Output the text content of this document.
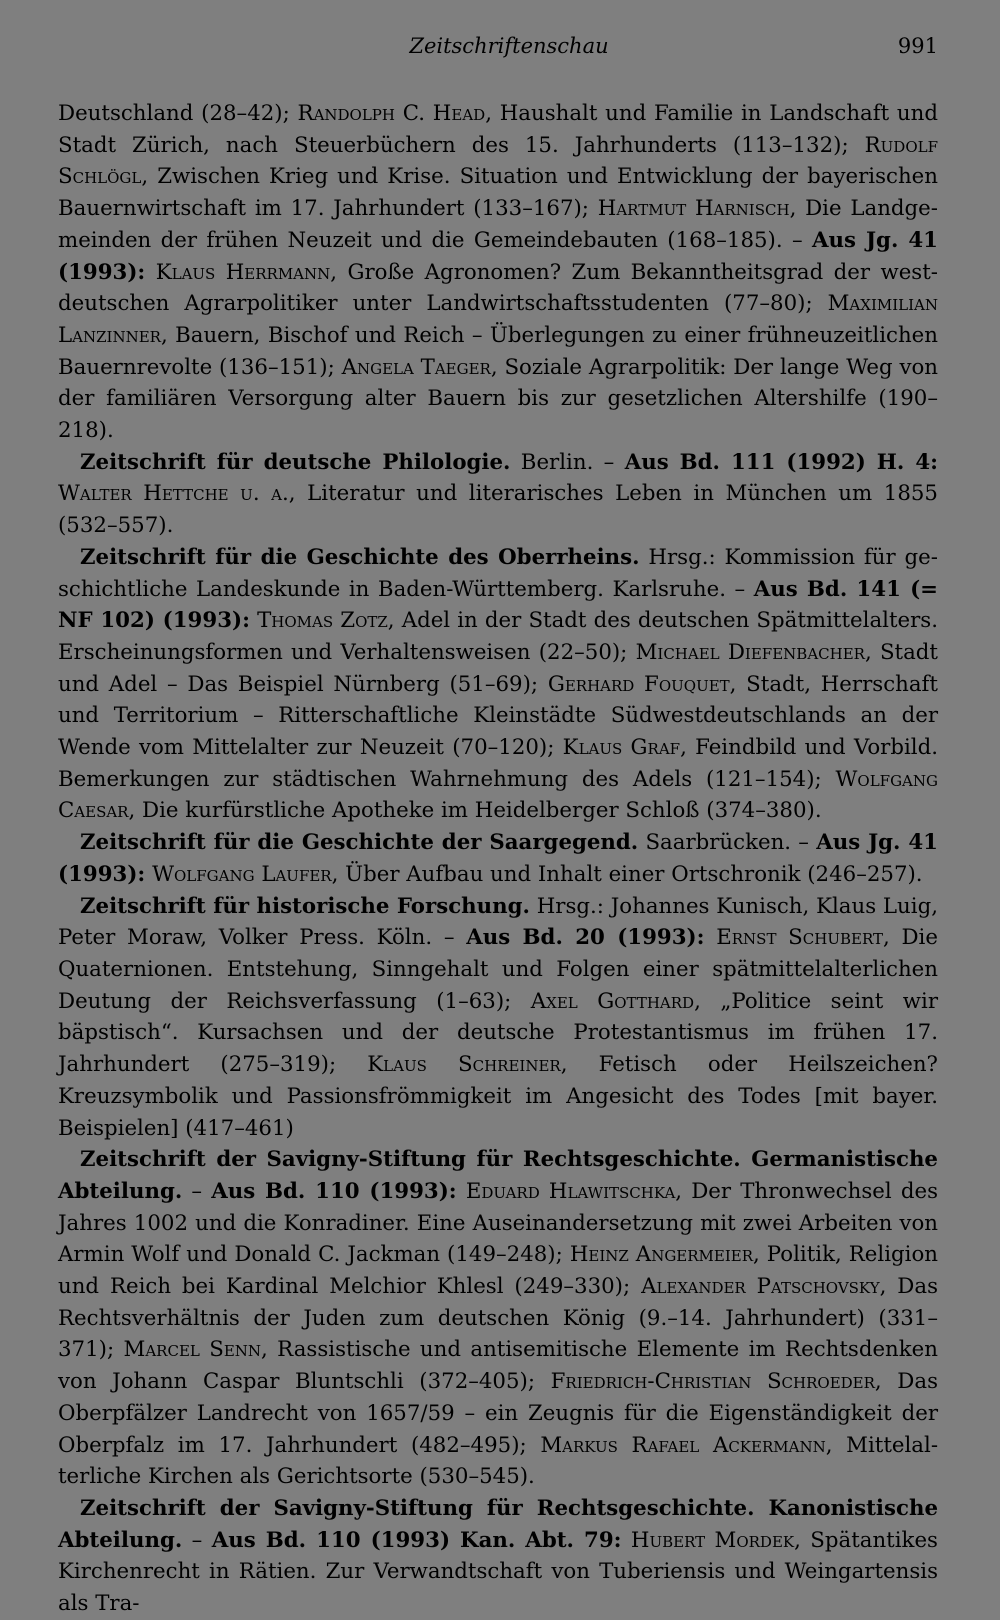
Zeitschriftenschau	991

Deutschland (28–42); Randolph C. Head, Haushalt und Familie in Landschaft und Stadt Zürich, nach Steuerbüchern des 15. Jahrhunderts (113–132); Rudolf Schlögl, Zwischen Krieg und Krise. Situation und Entwicklung der bayerischen Bauernwirtschaft im 17. Jahrhundert (133–167); Hartmut Harnisch, Die Landgemeinden der frühen Neuzeit und die Gemeindebauten (168–185). – Aus Jg. 41 (1993): Klaus Herrmann, Große Agronomen? Zum Bekanntheitsgrad der westdeutschen Agrarpolitiker unter Landwirtschaftsstudenten (77–80); Maximilian Lanzinner, Bauern, Bischof und Reich – Überlegungen zu einer frühneuzeitlichen Bauernrevolte (136–151); Angela Taeger, Soziale Agrarpolitik: Der lange Weg von der familiären Versorgung alter Bauern bis zur gesetzlichen Altershilfe (190–218).

Zeitschrift für deutsche Philologie. Berlin. – Aus Bd. 111 (1992) H. 4: Walter Hettche u. a., Literatur und literarisches Leben in München um 1855 (532–557).

Zeitschrift für die Geschichte des Oberrheins. Hrsg.: Kommission für geschichtliche Landeskunde in Baden-Württemberg. Karlsruhe. – Aus Bd. 141 (= NF 102) (1993): Thomas Zotz, Adel in der Stadt des deutschen Spätmittelalters. Erscheinungsformen und Verhaltensweisen (22–50); Michael Diefenbacher, Stadt und Adel – Das Beispiel Nürnberg (51–69); Gerhard Fouquet, Stadt, Herrschaft und Territorium – Ritterschaftliche Kleinstädte Südwestdeutschlands an der Wende vom Mittelalter zur Neuzeit (70–120); Klaus Graf, Feindbild und Vorbild. Bemerkungen zur städtischen Wahrnehmung des Adels (121–154); Wolfgang Caesar, Die kurfürstliche Apotheke im Heidelberger Schloß (374–380).

Zeitschrift für die Geschichte der Saargegend. Saarbrücken. – Aus Jg. 41 (1993): Wolfgang Laufer, Über Aufbau und Inhalt einer Ortschronik (246–257).

Zeitschrift für historische Forschung. Hrsg.: Johannes Kunisch, Klaus Luig, Peter Moraw, Volker Press. Köln. – Aus Bd. 20 (1993): Ernst Schubert, Die Quaternionen. Entstehung, Sinngehalt und Folgen einer spätmittelalterlichen Deutung der Reichsverfassung (1–63); Axel Gotthard, „Politice seint wir bäpstisch“. Kursachsen und der deutsche Protestantismus im frühen 17. Jahrhundert (275–319); Klaus Schreiner, Fetisch oder Heilszeichen? Kreuzsymbolik und Passionsfrömmigkeit im Angesicht des Todes [mit bayer. Beispielen] (417–461)

Zeitschrift der Savigny-Stiftung für Rechtsgeschichte. Germanistische Abteilung. – Aus Bd. 110 (1993): Eduard Hlawitschka, Der Thronwechsel des Jahres 1002 und die Konradiner. Eine Auseinandersetzung mit zwei Arbeiten von Armin Wolf und Donald C. Jackman (149–248); Heinz Angermeier, Politik, Religion und Reich bei Kardinal Melchior Khlesl (249–330); Alexander Patschovsky, Das Rechtsverhältnis der Juden zum deutschen König (9.–14. Jahrhundert) (331–371); Marcel Senn, Rassistische und antisemitische Elemente im Rechtsdenken von Johann Caspar Bluntschli (372–405); Friedrich-Christian Schroeder, Das Oberpfälzer Landrecht von 1657/59 – ein Zeugnis für die Eigenständigkeit der Oberpfalz im 17. Jahrhundert (482–495); Markus Rafael Ackermann, Mittelalterliche Kirchen als Gerichtsorte (530–545).

Zeitschrift der Savigny-Stiftung für Rechtsgeschichte. Kanonistische Abteilung. – Aus Bd. 110 (1993) Kan. Abt. 79: Hubert Mordek, Spätantikes Kirchenrecht in Rätien. Zur Verwandtschaft von Tuberiensis und Weingartensis als Tra-
